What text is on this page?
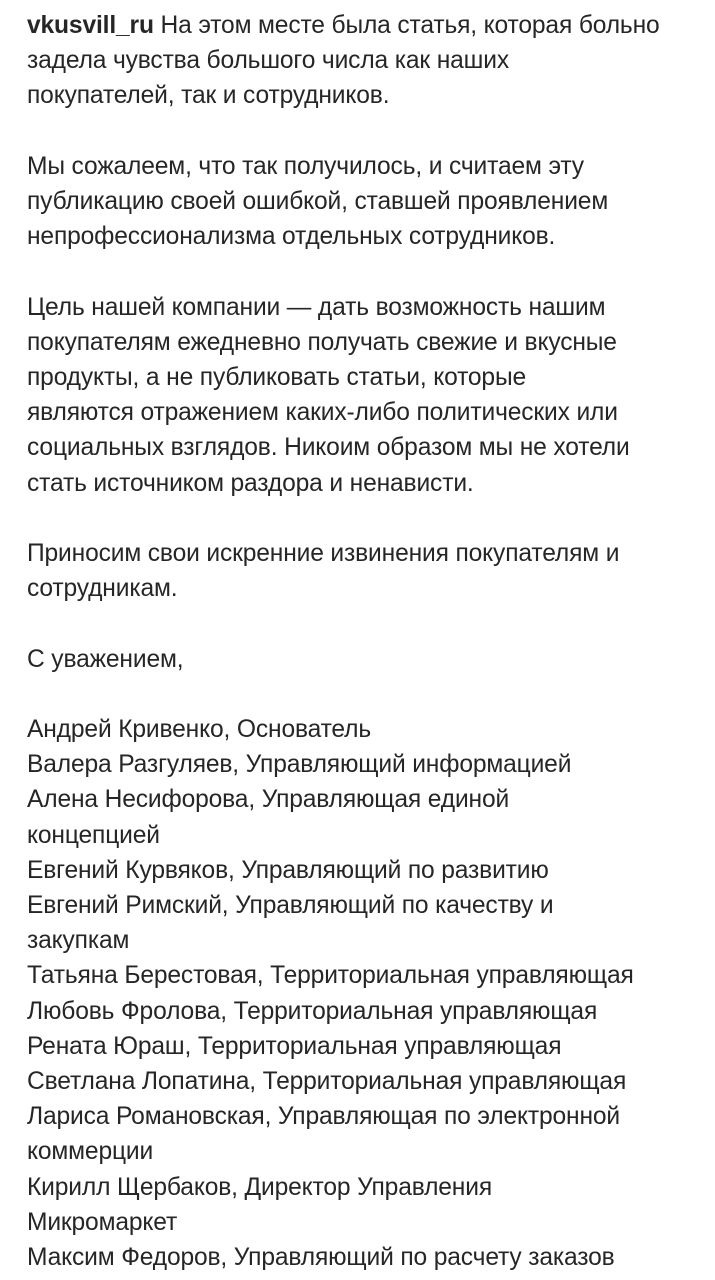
vkusvill_ru На этом месте была статья, которая больно
задела чувства большого числа как наших
покупателей, так и сотрудников.
Мы сожалеем, что так получилось, и считаем эту
публикацию своей ошибкой, ставшей проявлением
непрофессионализма отдельных сотрудников.
Цель нашей компании — дать возможность нашим
покупателям ежедневно получать свежие и вкусные
продукты, а не публиковать статьи, которые
являются отражением каких-либо политических или
социальных взглядов. Никоим образом мы не хотели
стать источником раздора и ненависти.
Приносим свои искренние извинения покупателям и
сотрудникам.
С уважением,
Андрей Кривенко, Основатель
Валера Разгуляев, Управляющий информацией
Алена Несифорова, Управляющая единой
концепцией
Евгений Курвяков, Управляющий по развитию
Евгений Римский, Управляющий по качеству и
закупкам
Татьяна Берестовая, Территориальная управляющая
Любовь Фролова, Территориальная управляющая
Рената Юраш, Территориальная управляющая
Светлана Лопатина, Территориальная управляющая
Лариса Романовская, Управляющая по электронной
коммерции
Кирилл Щербаков, Директор Управления
Микромаркет
Максим Федоров, Управляющий по расчету заказов
